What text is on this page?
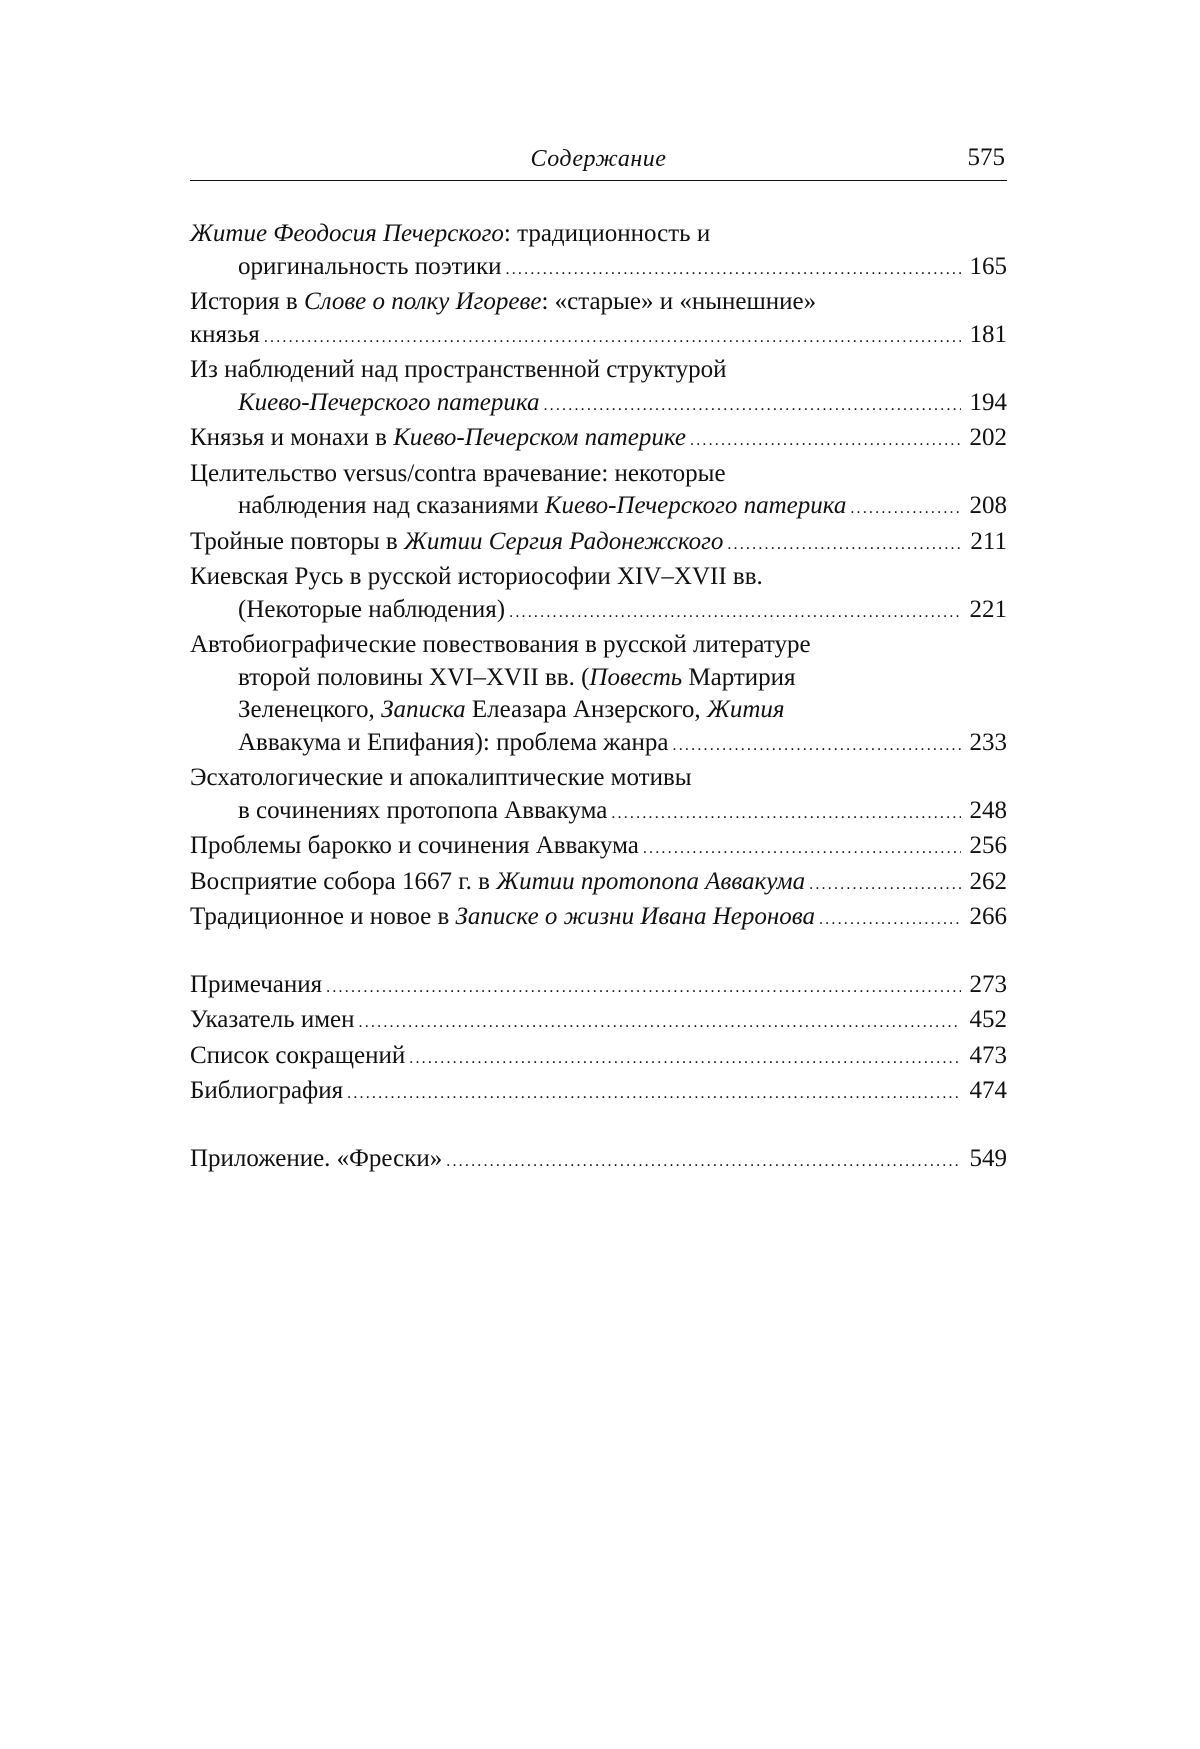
Содержание	575
Житие Феодосия Печерского: традиционность и
оригинальность поэтики
.....	165
История в Слове о полку Игореве: «старые» и «нынешние»
князья
.....	181
Из наблюдений над пространственной структурой
Киево-Печерского патерика
.....	194
Князья и монахи в Киево-Печерском патерике
.....	202
Целительство versus/contra врачевание: некоторые
наблюдения над сказаниями Киево-Печерского патерика
.....	208
Тройные повторы в Житии Сергия Радонежского
.....	211
Киевская Русь в русской историософии XIV–XVII вв.
(Некоторые наблюдения)
.....	221
Автобиографические повествования в русской литературе
второй половины XVI–XVII вв. (Повесть Мартирия
Зеленецкого, Записка Елеазара Анзерского, Жития
Аввакума и Епифания): проблема жанра
.....	233
Эсхатологические и апокалиптические мотивы
в сочинениях протопопа Аввакума
.....	248
Проблемы барокко и сочинения Аввакума
.....	256
Восприятие собора 1667 г. в Житии протопопа Аввакума
.....	262
Традиционное и новое в Записке о жизни Ивана Неронова
.....	266
Примечания
.....	273
Указатель имен
.....	452
Список сокращений
.....	473
Библиография
.....	474
Приложение. «Фрески»
.....	549
